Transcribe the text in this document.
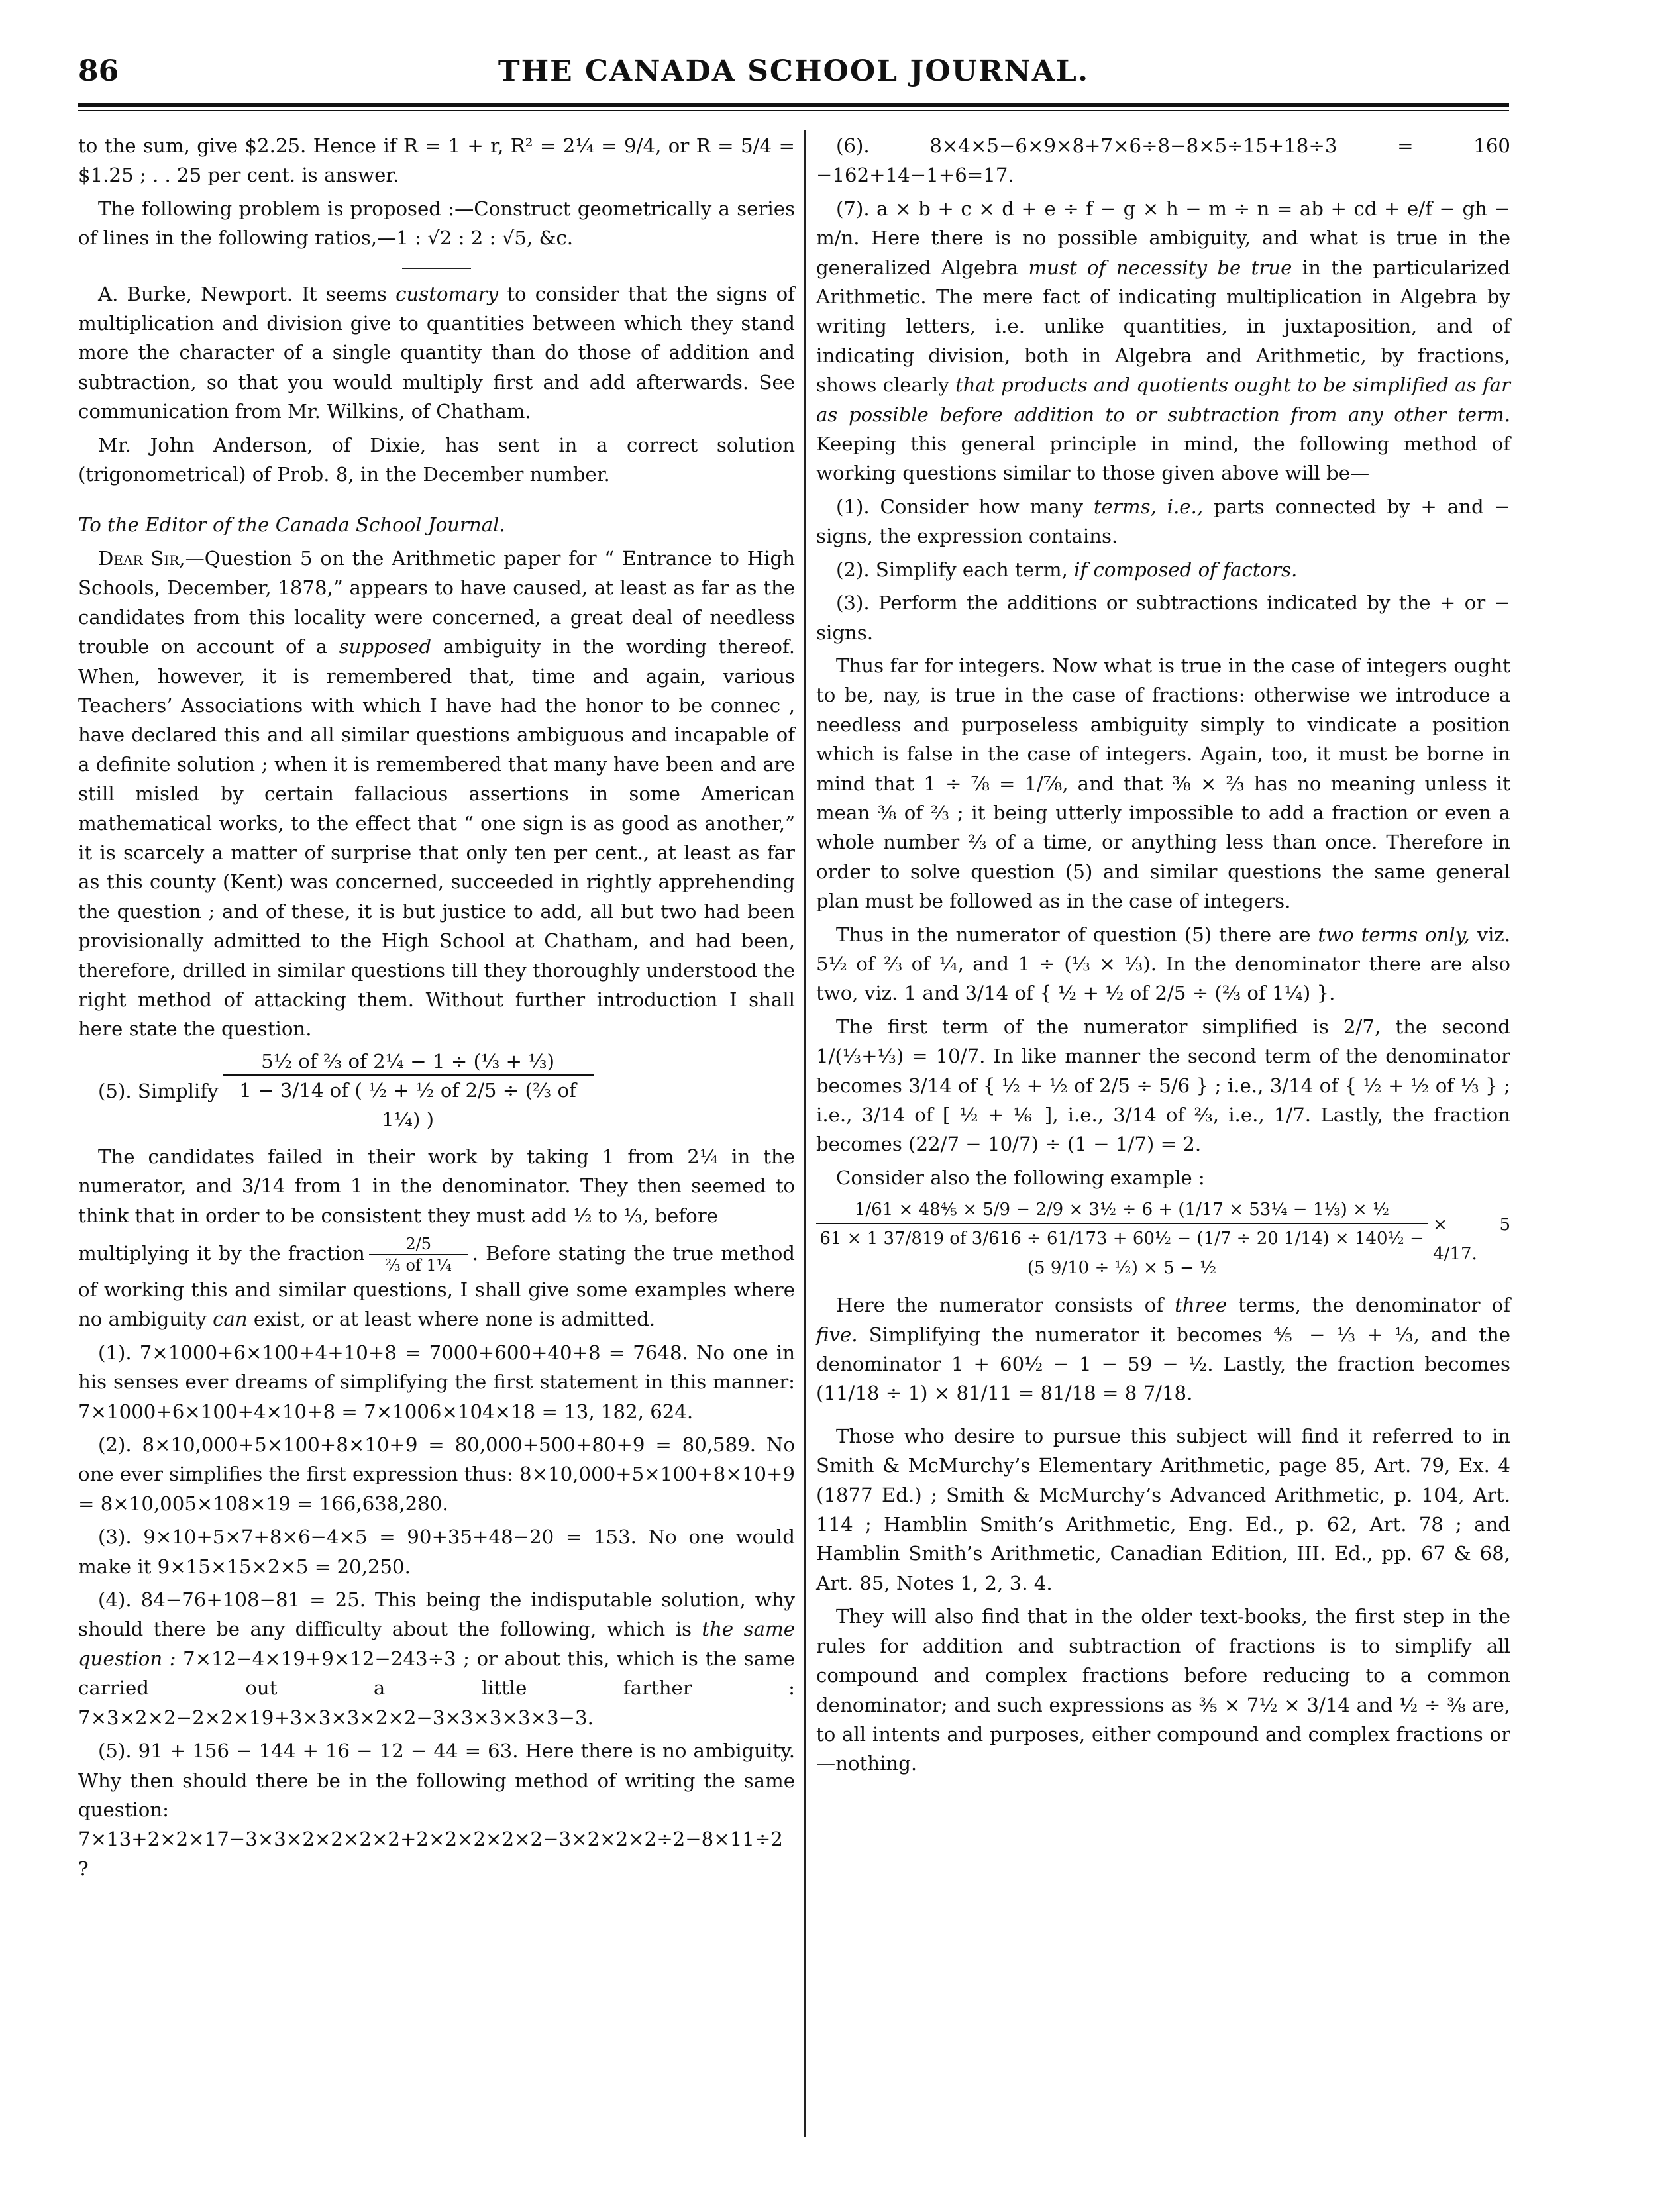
86	THE CANADA SCHOOL JOURNAL.

to the sum, give $2.25. Hence if R = 1 + r, R² = 2¼ = 9/4, or R = 5/4 = $1.25 ; . . 25 per cent. is answer.

The following problem is proposed :—Construct geometrically a series of lines in the following ratios,—1 : √2 : 2 : √5, &c.

A. Burke, Newport. It seems customary to consider that the signs of multiplication and division give to quantities between which they stand more the character of a single quantity than do those of addition and subtraction, so that you would multiply first and add afterwards. See communication from Mr. Wilkins, of Chatham.

Mr. John Anderson, of Dixie, has sent in a correct solution (trigonometrical) of Prob. 8, in the December number.

To the Editor of the Canada School Journal.

Dear Sir,—Question 5 on the Arithmetic paper for “ Entrance to High Schools, December, 1878,” appears to have caused, at least as far as the candidates from this locality were concerned, a great deal of needless trouble on account of a supposed ambiguity in the wording thereof. When, however, it is remembered that, time and again, various Teachers’ Associations with which I have had the honor to be connec , have declared this and all similar questions ambiguous and incapable of a definite solution ; when it is remembered that many have been and are still misled by certain fallacious assertions in some American mathematical works, to the effect that “ one sign is as good as another,” it is scarcely a matter of surprise that only ten per cent., at least as far as this county (Kent) was concerned, succeeded in rightly apprehending the question ; and of these, it is but justice to add, all but two had been provisionally admitted to the High School at Chatham, and had been, therefore, drilled in similar questions till they thoroughly understood the right method of attacking them. Without further introduction I shall here state the question.

(5). Simplify $\frac{\text{5½ of ⅔ of 2¼ − 1 ÷ (⅓ + ⅓)}}{\text{1 − 3/14 of ( ½ + ½ of 2/5 ÷ (⅔ of 1¼) )}}$

The candidates failed in their work by taking 1 from 2¼ in the numerator, and 3/14 from 1 in the denominator. They then seemed to think that in order to be consistent they must add ½ to ⅓, before

multiplying it by the fraction $\frac{2/5}{\text{⅔ of 1¼}}$ . Before stating the true method of working this and similar questions, I shall give some examples where no ambiguity can exist, or at least where none is admitted.

(1). 7×1000+6×100+4+10+8 = 7000+600+40+8 = 7648. No one in his senses ever dreams of simplifying the first statement in this manner: 7×1000+6×100+4×10+8 = 7×1006×104×18 = 13, 182, 624.

(2). 8×10,000+5×100+8×10+9 = 80,000+500+80+9 = 80,589. No one ever simplifies the first expression thus: 8×10,000+5×100+8×10+9 = 8×10,005×108×19 = 166,638,280.

(3). 9×10+5×7+8×6−4×5 = 90+35+48−20 = 153. No one would make it 9×15×15×2×5 = 20,250.

(4). 84−76+108−81 = 25. This being the indisputable solution, why should there be any difficulty about the following, which is the same question : 7×12−4×19+9×12−243÷3 ; or about this, which is the same carried out a little farther : 7×3×2×2−2×2×19+3×3×3×2×2−3×3×3×3×3−3.

(5). 91 + 156 − 144 + 16 − 12 − 44 = 63. Here there is no ambiguity. Why then should there be in the following method of writing the same question: 7×13+2×2×17−3×3×2×2×2×2+2×2×2×2×2−3×2×2×2÷2−8×11÷2 ?

(6). 8×4×5−6×9×8+7×6÷8−8×5÷15+18÷3 = 160 −162+14−1+6=17.

(7). a × b + c × d + e ÷ f − g × h − m ÷ n = ab + cd + e/f − gh − m/n. Here there is no possible ambiguity, and what is true in the generalized Algebra must of necessity be true in the particularized Arithmetic. The mere fact of indicating multiplication in Algebra by writing letters, i.e. unlike quantities, in juxtaposition, and of indicating division, both in Algebra and Arithmetic, by fractions, shows clearly that products and quotients ought to be simplified as far as possible before addition to or subtraction from any other term. Keeping this general principle in mind, the following method of working questions similar to those given above will be—

(1). Consider how many terms, i.e., parts connected by + and − signs, the expression contains.

(2). Simplify each term, if composed of factors.

(3). Perform the additions or subtractions indicated by the + or − signs.

Thus far for integers. Now what is true in the case of integers ought to be, nay, is true in the case of fractions: otherwise we introduce a needless and purposeless ambiguity simply to vindicate a position which is false in the case of integers. Again, too, it must be borne in mind that 1 ÷ ⅞ = 1/⅞, and that ⅜ × ⅔ has no meaning unless it mean ⅜ of ⅔ ; it being utterly impossible to add a fraction or even a whole number ⅔ of a time, or anything less than once. Therefore in order to solve question (5) and similar questions the same general plan must be followed as in the case of integers.

Thus in the numerator of question (5) there are two terms only, viz. 5½ of ⅔ of ¼, and 1 ÷ (⅓ × ⅓). In the denominator there are also two, viz. 1 and 3/14 of { ½ + ½ of 2/5 ÷ (⅔ of 1¼) }.

The first term of the numerator simplified is 2/7, the second 1/(⅓+⅓) = 10/7. In like manner the second term of the denominator becomes 3/14 of { ½ + ½ of 2/5 ÷ 5/6 } ; i.e., 3/14 of { ½ + ½ of ⅓ } ; i.e., 3/14 of [ ½ + ⅙ ], i.e., 3/14 of ⅔, i.e., 1/7. Lastly, the fraction becomes (22/7 − 10/7) ÷ (1 − 1/7) = 2.

Consider also the following example :

1/61 × 48⅘ × 5/9 − 2/9 × 3½ ÷ 6 + (1/17 × 53¼ − 1⅓) × ½
61 × 1 37/819 of 3/616 ÷ 61/173 + 60½ − (1/7 ÷ 20 1/14) × 140½ − (5 9/10 ÷ ½) × 5 − ½
× 5 4/17.

Here the numerator consists of three terms, the denominator of five. Simplifying the numerator it becomes ⅘ − ⅓ + ⅓, and the denominator 1 + 60½ − 1 − 59 − ½. Lastly, the fraction becomes (11/18 ÷ 1) × 81/11 = 81/18 = 8 7/18.

Those who desire to pursue this subject will find it referred to in Smith & McMurchy’s Elementary Arithmetic, page 85, Art. 79, Ex. 4 (1877 Ed.) ; Smith & McMurchy’s Advanced Arithmetic, p. 104, Art. 114 ; Hamblin Smith’s Arithmetic, Eng. Ed., p. 62, Art. 78 ; and Hamblin Smith’s Arithmetic, Canadian Edition, III. Ed., pp. 67 & 68, Art. 85, Notes 1, 2, 3. 4.

They will also find that in the older text-books, the first step in the rules for addition and subtraction of fractions is to simplify all compound and complex fractions before reducing to a common denominator; and such expressions as ⅗ × 7½ × 3/14 and ½ ÷ ⅜ are, to all intents and purposes, either compound and complex fractions or—nothing.
